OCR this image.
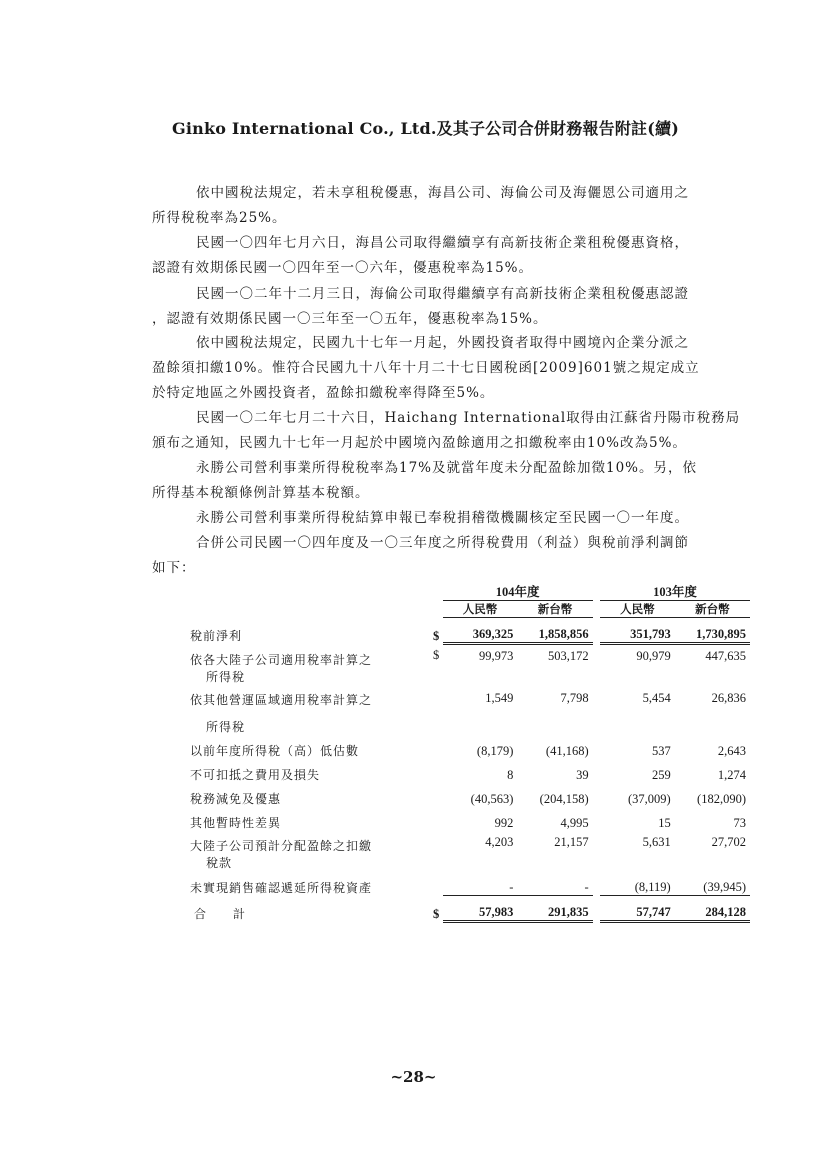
Ginko International Co., Ltd.及其子公司合併財務報告附註(續)
依中國稅法規定，若未享租稅優惠，海昌公司、海倫公司及海儷恩公司適用之
所得稅稅率為25%。
民國一〇四年七月六日，海昌公司取得繼續享有高新技術企業租稅優惠資格，
認證有效期係民國一〇四年至一〇六年，優惠稅率為15%。
民國一〇二年十二月三日，海倫公司取得繼續享有高新技術企業租稅優惠認證
，認證有效期係民國一〇三年至一〇五年，優惠稅率為15%。
依中國稅法規定，民國九十七年一月起，外國投資者取得中國境內企業分派之
盈餘須扣繳10%。惟符合民國九十八年十月二十七日國稅函[2009]601號之規定成立
於特定地區之外國投資者，盈餘扣繳稅率得降至5%。
民國一〇二年七月二十六日，Haichang International取得由江蘇省丹陽市稅務局
頒布之通知，民國九十七年一月起於中國境內盈餘適用之扣繳稅率由10%改為5%。
永勝公司營利事業所得稅稅率為17%及就當年度未分配盈餘加徵10%。另，依
所得基本稅額條例計算基本稅額。
永勝公司營利事業所得稅結算申報已奉稅捐稽徵機關核定至民國一〇一年度。
合併公司民國一〇四年度及一〇三年度之所得稅費用（利益）與稅前淨利調節
如下：
		104年度			103年度	
		人民幣	新台幣		人民幣	新台幣
稅前淨利	$	369,325	1,858,856		351,793	1,730,895
依各大陸子公司適用稅率計算之
所得稅	$	99,973	503,172		90,979	447,635
依其他營運區域適用稅率計算之
所得稅		1,549	7,798		5,454	26,836
以前年度所得稅（高）低估數		(8,179)	(41,168)		537	2,643
不可扣抵之費用及損失		8	39		259	1,274
稅務減免及優惠		(40,563)	(204,158)		(37,009)	(182,090)
其他暫時性差異		992	4,995		15	73
大陸子公司預計分配盈餘之扣繳
稅款		4,203	21,157		5,631	27,702
未實現銷售確認遞延所得稅資產		-	-		(8,119)	(39,945)
合　　計	$	57,983	291,835		57,747	284,128
~28~
